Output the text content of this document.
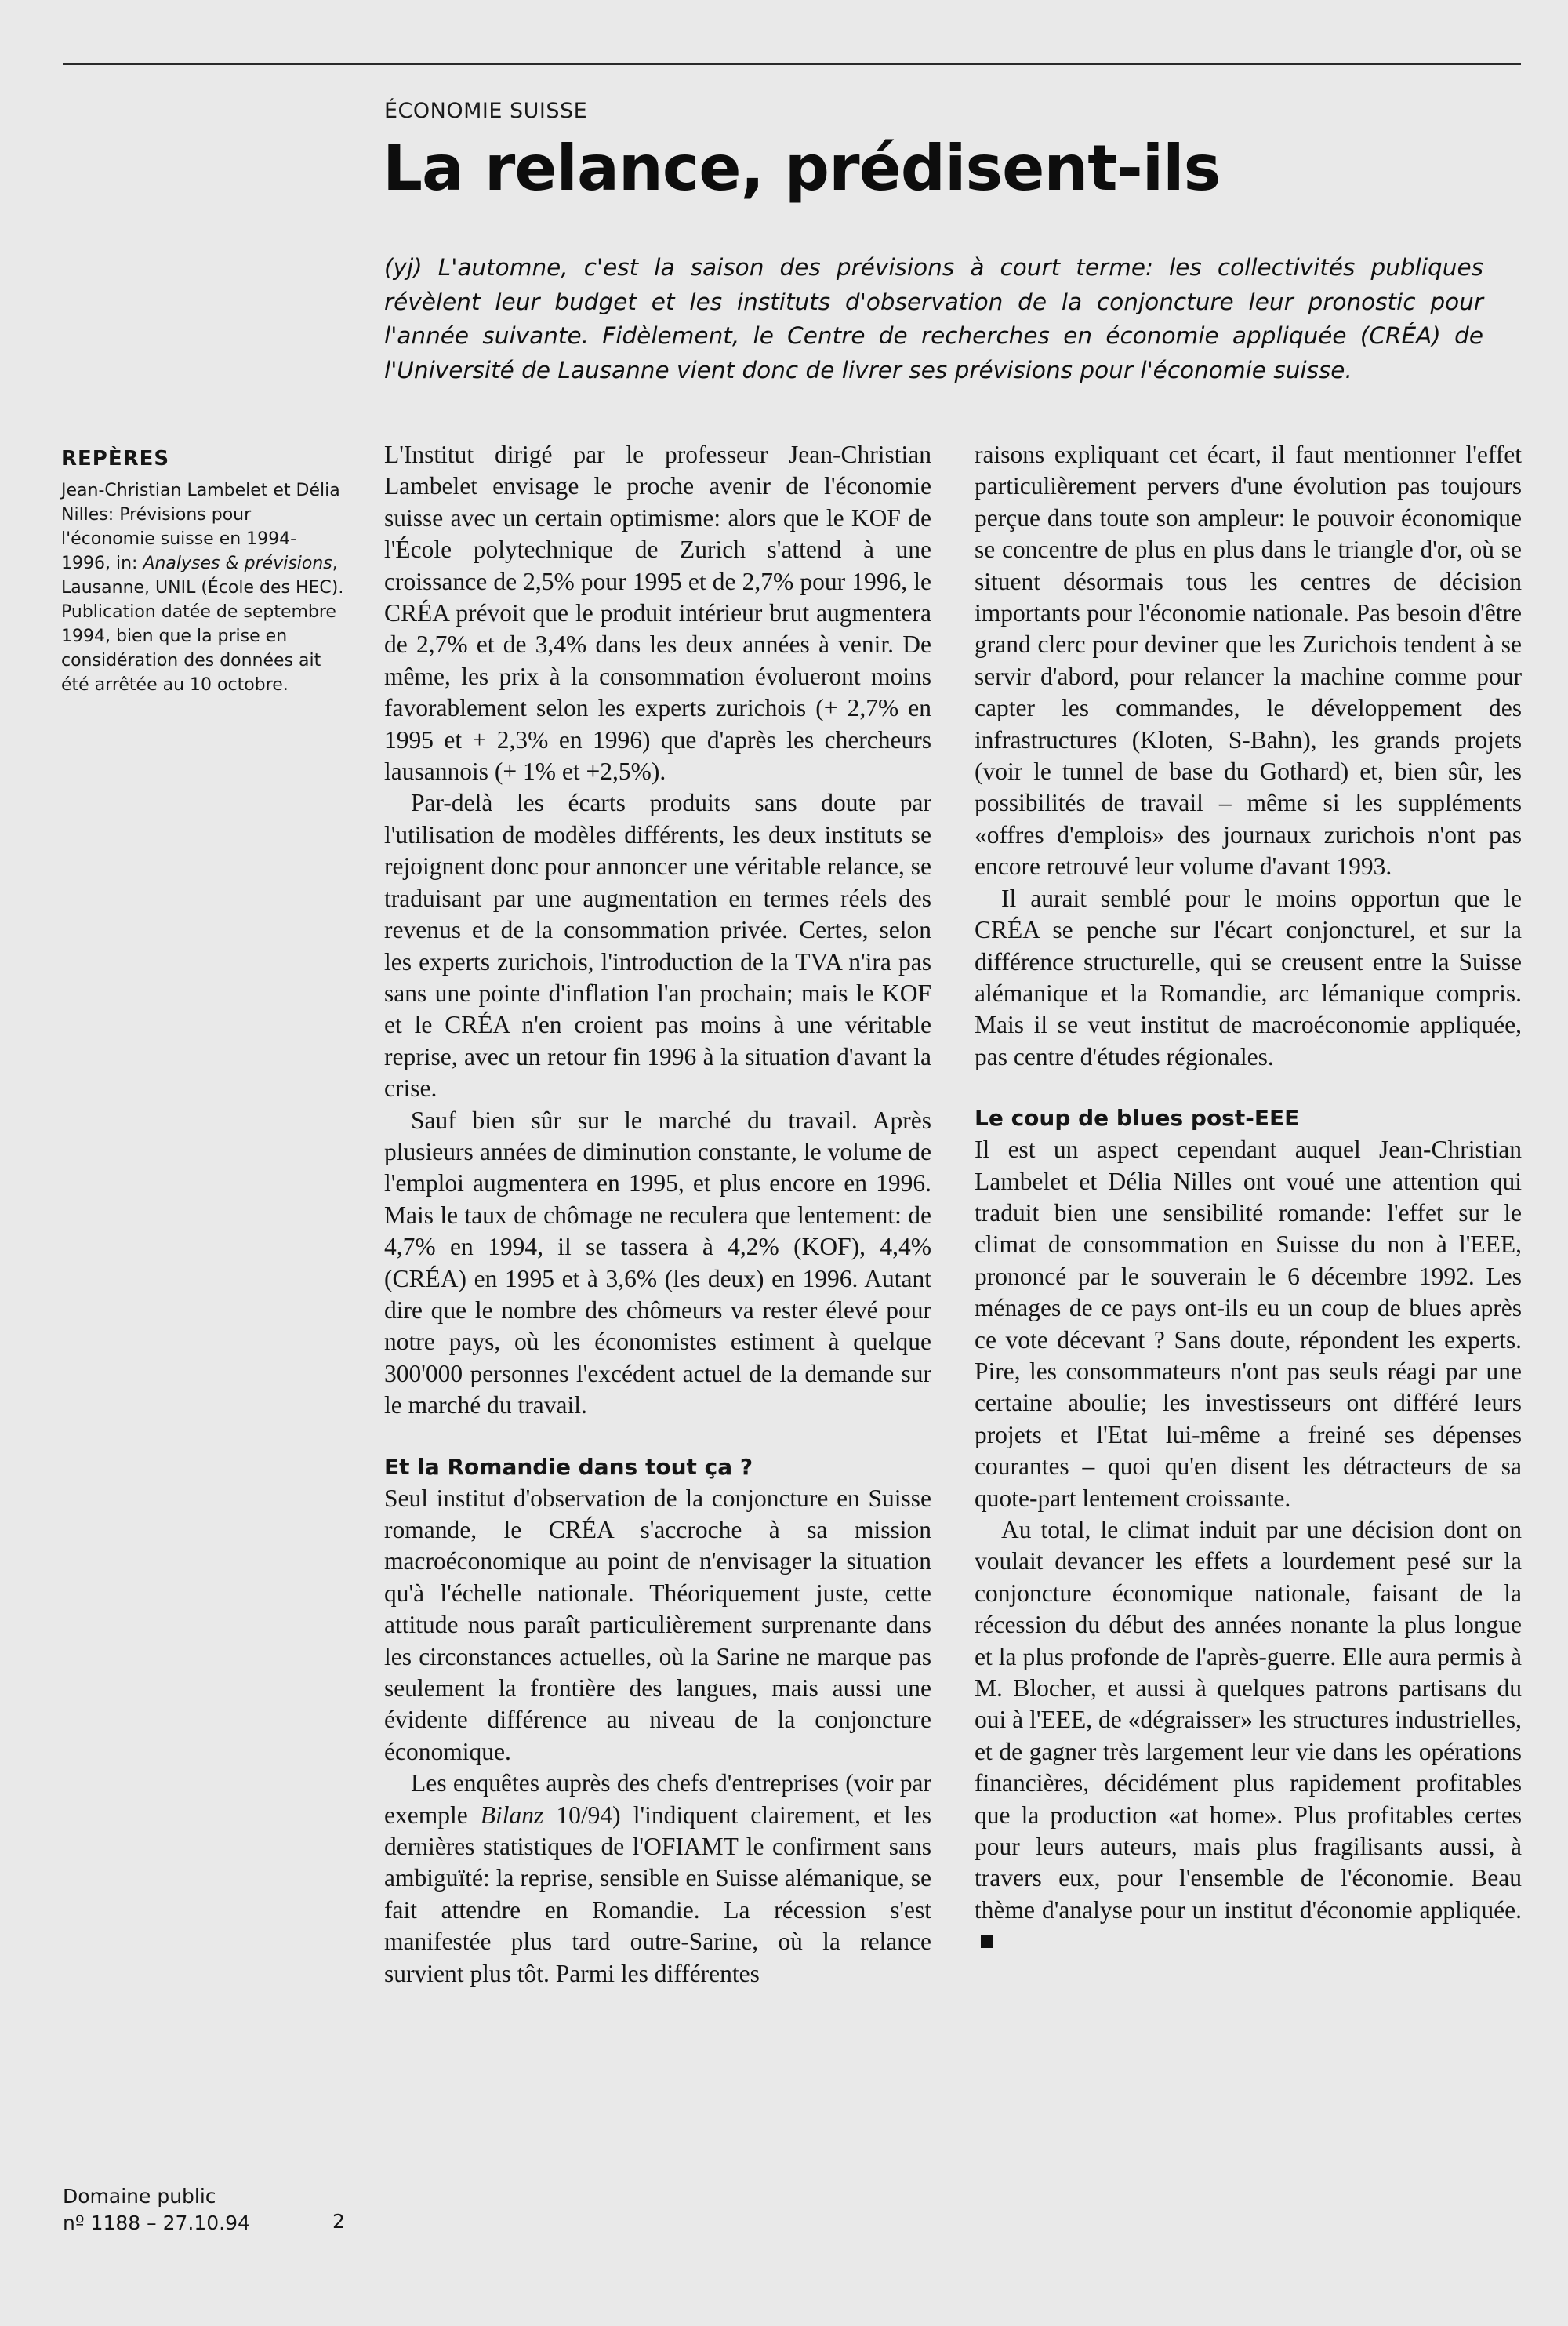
ÉCONOMIE SUISSE
La relance, prédisent-ils

(yj) L'automne, c'est la saison des prévisions à court terme: les collectivités publiques révèlent leur budget et les instituts d'observation de la conjoncture leur pronostic pour l'année suivante. Fidèlement, le Centre de recherches en économie appliquée (CRÉA) de l'Université de Lausanne vient donc de livrer ses prévisions pour l'économie suisse.

REPÈRES
Jean-Christian Lambelet et Délia Nilles: Prévisions pour l'économie suisse en 1994-1996, in: Analyses & prévisions, Lausanne, UNIL (École des HEC). Publication datée de septembre 1994, bien que la prise en considération des données ait été arrêtée au 10 octobre.

L'Institut dirigé par le professeur Jean-Christian Lambelet envisage le proche avenir de l'économie suisse avec un certain optimisme: alors que le KOF de l'École polytechnique de Zurich s'attend à une croissance de 2,5% pour 1995 et de 2,7% pour 1996, le CRÉA prévoit que le produit intérieur brut augmentera de 2,7% et de 3,4% dans les deux années à venir. De même, les prix à la consommation évolueront moins favorablement selon les experts zurichois (+ 2,7% en 1995 et + 2,3% en 1996) que d'après les chercheurs lausannois (+ 1% et +2,5%).

Par-delà les écarts produits sans doute par l'utilisation de modèles différents, les deux instituts se rejoignent donc pour annoncer une véritable relance, se traduisant par une augmentation en termes réels des revenus et de la consommation privée. Certes, selon les experts zurichois, l'introduction de la TVA n'ira pas sans une pointe d'inflation l'an prochain; mais le KOF et le CRÉA n'en croient pas moins à une véritable reprise, avec un retour fin 1996 à la situation d'avant la crise.

Sauf bien sûr sur le marché du travail. Après plusieurs années de diminution constante, le volume de l'emploi augmentera en 1995, et plus encore en 1996. Mais le taux de chômage ne reculera que lentement: de 4,7% en 1994, il se tassera à 4,2% (KOF), 4,4% (CRÉA) en 1995 et à 3,6% (les deux) en 1996. Autant dire que le nombre des chômeurs va rester élevé pour notre pays, où les économistes estiment à quelque 300'000 personnes l'excédent actuel de la demande sur le marché du travail.

Et la Romandie dans tout ça ?

Seul institut d'observation de la conjoncture en Suisse romande, le CRÉA s'accroche à sa mission macroéconomique au point de n'envisager la situation qu'à l'échelle nationale. Théoriquement juste, cette attitude nous paraît particulièrement surprenante dans les circonstances actuelles, où la Sarine ne marque pas seulement la frontière des langues, mais aussi une évidente différence au niveau de la conjoncture économique.

Les enquêtes auprès des chefs d'entreprises (voir par exemple Bilanz 10/94) l'indiquent clairement, et les dernières statistiques de l'OFIAMT le confirment sans ambiguïté: la reprise, sensible en Suisse alémanique, se fait attendre en Romandie. La récession s'est manifestée plus tard outre-Sarine, où la relance survient plus tôt. Parmi les différentes

raisons expliquant cet écart, il faut mentionner l'effet particulièrement pervers d'une évolution pas toujours perçue dans toute son ampleur: le pouvoir économique se concentre de plus en plus dans le triangle d'or, où se situent désormais tous les centres de décision importants pour l'économie nationale. Pas besoin d'être grand clerc pour deviner que les Zurichois tendent à se servir d'abord, pour relancer la machine comme pour capter les commandes, le développement des infrastructures (Kloten, S-Bahn), les grands projets (voir le tunnel de base du Gothard) et, bien sûr, les possibilités de travail – même si les suppléments «offres d'emplois» des journaux zurichois n'ont pas encore retrouvé leur volume d'avant 1993.

Il aurait semblé pour le moins opportun que le CRÉA se penche sur l'écart conjoncturel, et sur la différence structurelle, qui se creusent entre la Suisse alémanique et la Romandie, arc lémanique compris. Mais il se veut institut de macroéconomie appliquée, pas centre d'études régionales.

Le coup de blues post-EEE

Il est un aspect cependant auquel Jean-Christian Lambelet et Délia Nilles ont voué une attention qui traduit bien une sensibilité romande: l'effet sur le climat de consommation en Suisse du non à l'EEE, prononcé par le souverain le 6 décembre 1992. Les ménages de ce pays ont-ils eu un coup de blues après ce vote décevant ? Sans doute, répondent les experts. Pire, les consommateurs n'ont pas seuls réagi par une certaine aboulie; les investisseurs ont différé leurs projets et l'Etat lui-même a freiné ses dépenses courantes – quoi qu'en disent les détracteurs de sa quote-part lentement croissante.

Au total, le climat induit par une décision dont on voulait devancer les effets a lourdement pesé sur la conjoncture économique nationale, faisant de la récession du début des années nonante la plus longue et la plus profonde de l'après-guerre. Elle aura permis à M. Blocher, et aussi à quelques patrons partisans du oui à l'EEE, de «dégraisser» les structures industrielles, et de gagner très largement leur vie dans les opérations financières, décidément plus rapidement profitables que la production «at home». Plus profitables certes pour leurs auteurs, mais plus fragilisants aussi, à travers eux, pour l'ensemble de l'économie. Beau thème d'analyse pour un institut d'économie appliquée.

Domaine public
nº 1188 – 27.10.94	2
